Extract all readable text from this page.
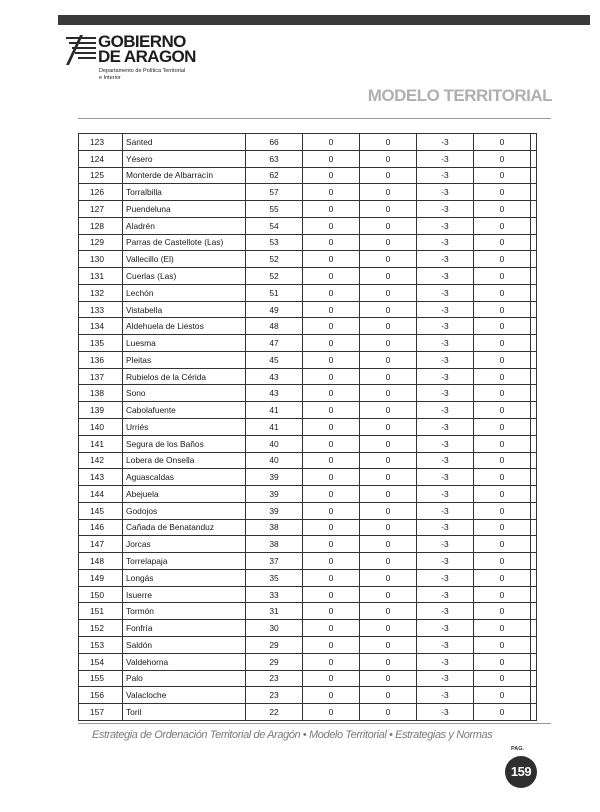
GOBIERNO
DE ARAGON
Departamento de Política Territorial
e Interior
MODELO TERRITORIAL
123	Santed	66	0	0	-3	0	
124	Yésero	63	0	0	-3	0	
125	Monterde de Albarracín	62	0	0	-3	0	
126	Torralbilla	57	0	0	-3	0	
127	Puendeluna	55	0	0	-3	0	
128	Aladrén	54	0	0	-3	0	
129	Parras de Castellote (Las)	53	0	0	-3	0	
130	Vallecillo (El)	52	0	0	-3	0	
131	Cuerlas (Las)	52	0	0	-3	0	
132	Lechón	51	0	0	-3	0	
133	Vistabella	49	0	0	-3	0	
134	Aldehuela de Liestos	48	0	0	-3	0	
135	Luesma	47	0	0	-3	0	
136	Pleitas	45	0	0	-3	0	
137	Rubielos de la Cérida	43	0	0	-3	0	
138	Sono	43	0	0	-3	0	
139	Cabolafuente	41	0	0	-3	0	
140	Urriés	41	0	0	-3	0	
141	Segura de los Baños	40	0	0	-3	0	
142	Lobera de Onsella	40	0	0	-3	0	
143	Aguascaldas	39	0	0	-3	0	
144	Abejuela	39	0	0	-3	0	
145	Godojos	39	0	0	-3	0	
146	Cañada de Benatanduz	38	0	0	-3	0	
147	Jorcas	38	0	0	-3	0	
148	Torrelapaja	37	0	0	-3	0	
149	Longás	35	0	0	-3	0	
150	Isuerre	33	0	0	-3	0	
151	Tormón	31	0	0	-3	0	
152	Fonfría	30	0	0	-3	0	
153	Saldón	29	0	0	-3	0	
154	Valdehorna	29	0	0	-3	0	
155	Palo	23	0	0	-3	0	
156	Valacloche	23	0	0	-3	0	
157	Toril	22	0	0	-3	0	
Estrategia de Ordenación Territorial de Aragón • Modelo Territorial • Estrategias y Normas
PAG.
159
